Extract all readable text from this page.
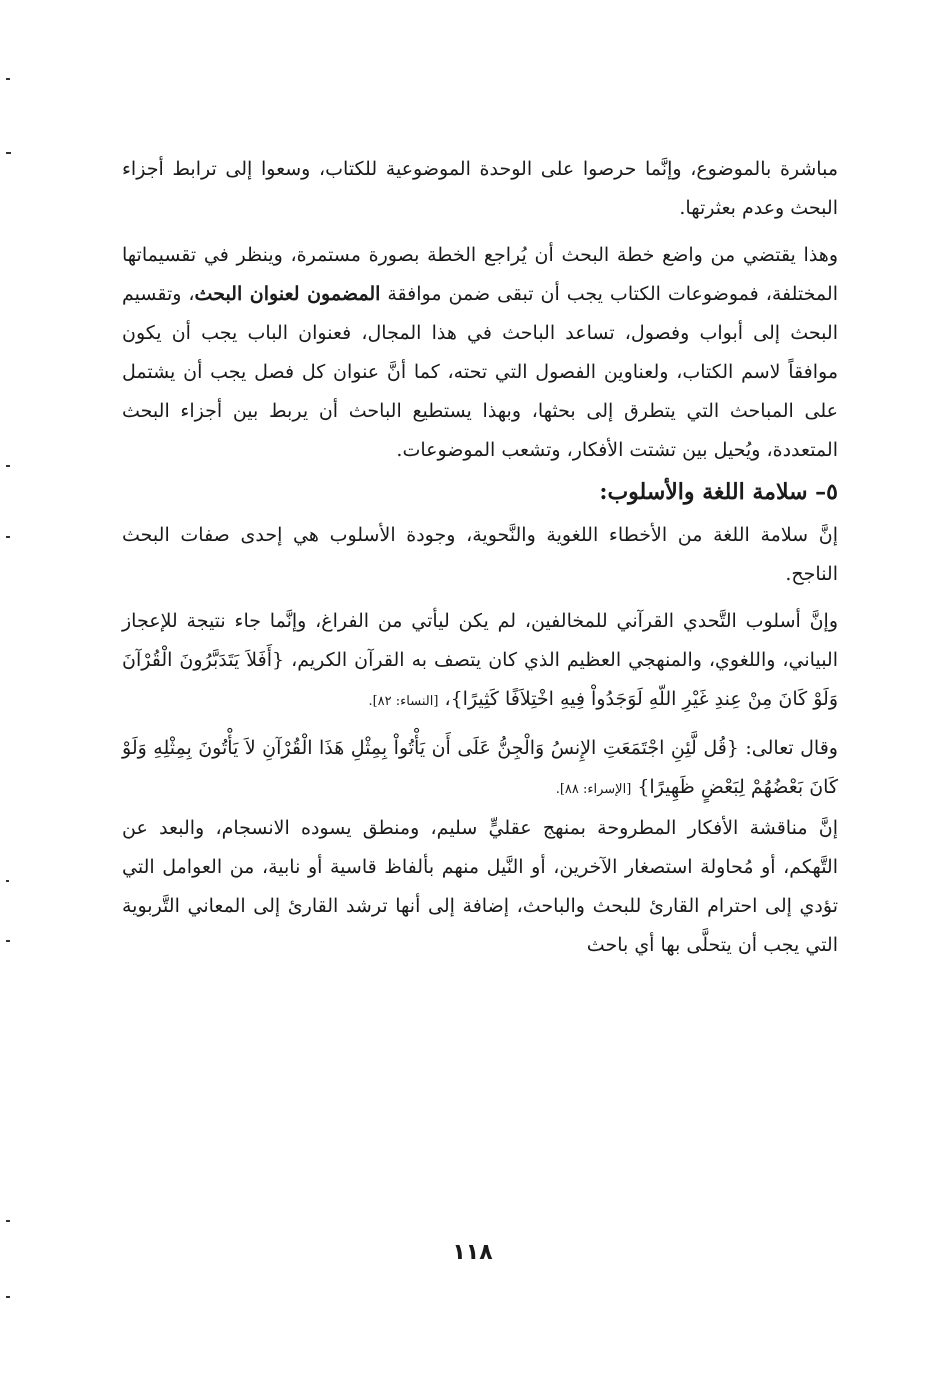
مباشرة بالموضوع، وإنَّما حرصوا على الوحدة الموضوعية للكتاب، وسعوا إلى ترابط أجزاء البحث وعدم بعثرتها.

وهذا يقتضي من واضع خطة البحث أن يُراجع الخطة بصورة مستمرة، وينظر في تقسيماتها المختلفة، فموضوعات الكتاب يجب أن تبقى ضمن موافقة المضمون لعنوان البحث، وتقسيم البحث إلى أبواب وفصول، تساعد الباحث في هذا المجال، فعنوان الباب يجب أن يكون موافقاً لاسم الكتاب، ولعناوين الفصول التي تحته، كما أنَّ عنوان كل فصل يجب أن يشتمل على المباحث التي يتطرق إلى بحثها، وبهذا يستطيع الباحث أن يربط بين أجزاء البحث المتعددة، ويُحيل بين تشتت الأفكار، وتشعب الموضوعات.

٥– سلامة اللغة والأسلوب:

إنَّ سلامة اللغة من الأخطاء اللغوية والنَّحوية، وجودة الأسلوب هي إحدى صفات البحث الناجح.

وإنَّ أسلوب التَّحدي القرآني للمخالفين، لم يكن ليأتي من الفراغ، وإنَّما جاء نتيجة للإعجاز البياني، واللغوي، والمنهجي العظيم الذي كان يتصف به القرآن الكريم، {أَفَلاَ يَتَدَبَّرُونَ الْقُرْآنَ وَلَوْ كَانَ مِنْ عِندِ غَيْرِ اللّهِ لَوَجَدُواْ فِيهِ اخْتِلاَفًا كَثِيرًا}، [النساء: ٨٢].

وقال تعالى: {قُل لَّئِنِ اجْتَمَعَتِ الإِنسُ وَالْجِنُّ عَلَى أَن يَأْتُواْ بِمِثْلِ هَذَا الْقُرْآنِ لاَ يَأْتُونَ بِمِثْلِهِ وَلَوْ كَانَ بَعْضُهُمْ لِبَعْضٍ ظَهِيرًا} [الإسراء: ٨٨].

إنَّ مناقشة الأفكار المطروحة بمنهج عقليٍّ سليم، ومنطق يسوده الانسجام، والبعد عن التَّهكم، أو مُحاولة استصغار الآخرين، أو النَّيل منهم بألفاظ قاسية أو نابية، من العوامل التي تؤدي إلى احترام القارئ للبحث والباحث، إضافة إلى أنها ترشد القارئ إلى المعاني التَّربوية التي يجب أن يتحلَّى بها أي باحث

١١٨
